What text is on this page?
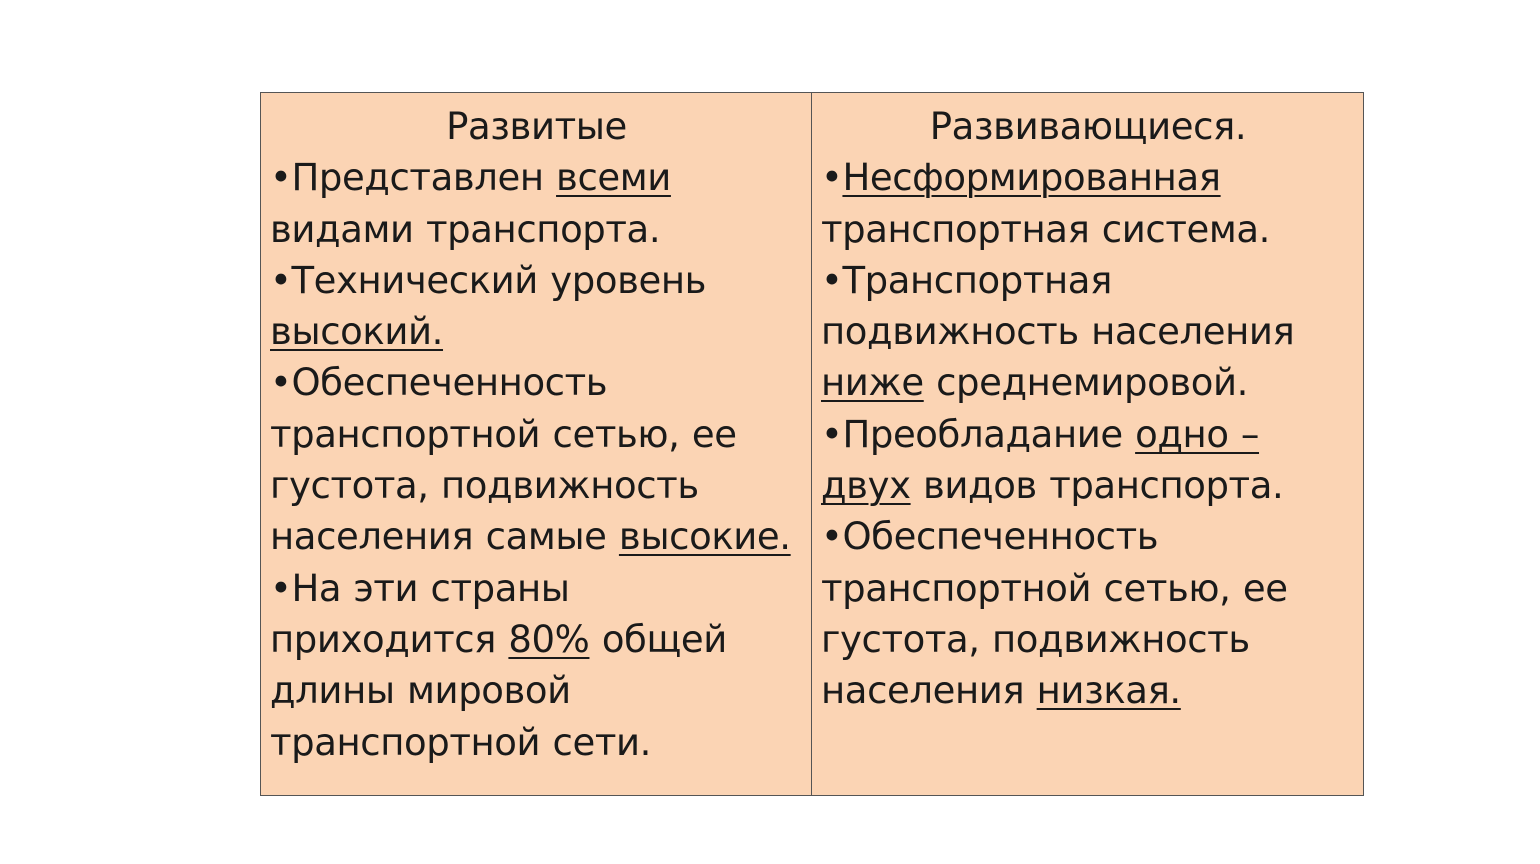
Развитые

•Представлен всеми видами транспорта.

•Технический уровень высокий.

•Обеспеченность транспортной сетью, ее густота, подвижность населения самые высокие.

•На эти страны приходится 80% общей длины мировой транспортной сети.

Развивающиеся.

•Несформированная транспортная система.

•Транспортная подвижность населения ниже среднемировой.

•Преобладание одно – двух видов транспорта.

•Обеспеченность транспортной сетью, ее густота, подвижность населения низкая.
